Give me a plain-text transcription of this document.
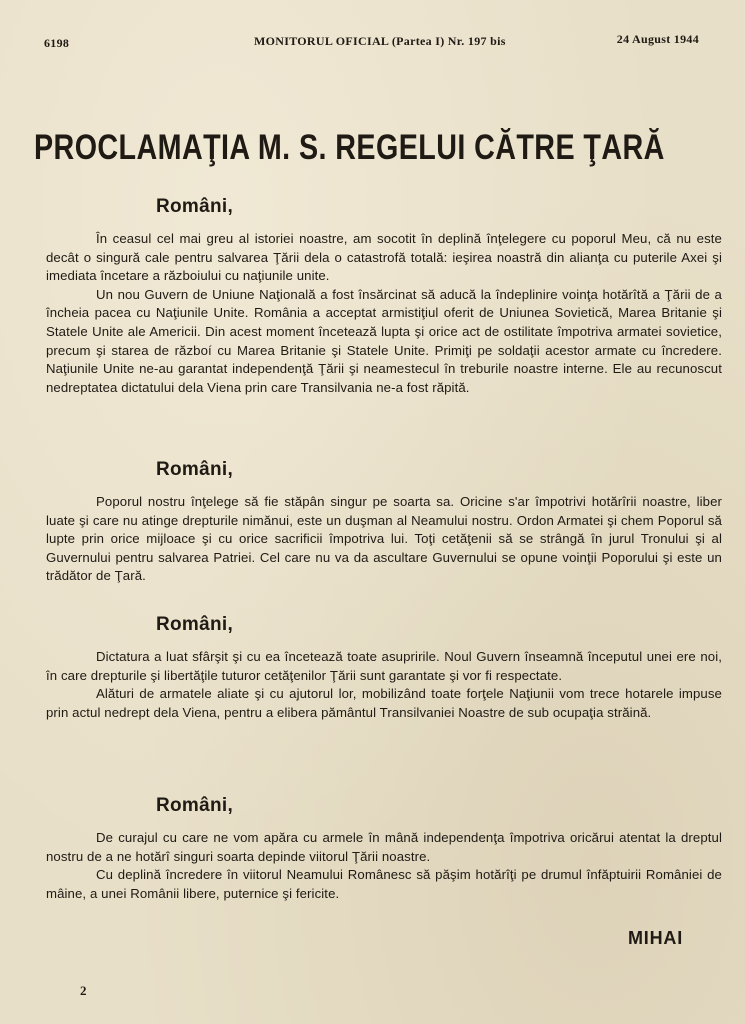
6198	MONITORUL OFICIAL (Partea I) Nr. 197 bis	24 August 1944
PROCLAMAŢIA M. S. REGELUI CĂTRE ŢARĂ
Români,

În ceasul cel mai greu al istoriei noastre, am socotit în deplină înţelegere cu poporul Meu, că nu este decât o singură cale pentru salvarea Ţării dela o catastrofă totală: ieşirea noastră din alianţa cu puterile Axei şi imediata încetare a războiului cu naţiunile unite.

Un nou Guvern de Uniune Naţională a fost însărcinat să aducă la îndeplinire voinţa hotărîtă a Ţării de a încheia pacea cu Naţiunile Unite. România a acceptat armistiţiul oferit de Uniunea Sovietică, Marea Britanie şi Statele Unite ale Americii. Din acest moment încetează lupta şi orice act de ostilitate împotriva armatei sovietice, precum şi starea de războí cu Marea Britanie şi Statele Unite. Primiţi pe soldaţii acestor armate cu încredere. Naţiunile Unite ne-au garantat independenţă Ţării şi neamestecul în treburile noastre interne. Ele au recunoscut nedreptatea dictatului dela Viena prin care Transilvania ne-a fost răpită.

Români,

Poporul nostru înţelege să fie stăpân singur pe soarta sa. Oricine s'ar împotrivi hotărîrii noastre, liber luate şi care nu atinge drepturile nimănui, este un duşman al Neamului nostru. Ordon Armatei şi chem Poporul să lupte prin orice mijloace şi cu orice sacrificii împotriva lui. Toţi cetăţenii să se strângă în jurul Tronului şi al Guvernului pentru salvarea Patriei. Cel care nu va da ascultare Guvernului se opune voinţii Poporului şi este un trădător de Ţară.

Români,

Dictatura a luat sfârşit şi cu ea încetează toate asupririle. Noul Guvern înseamnă începutul unei ere noi, în care drepturile şi libertăţile tuturor cetăţenilor Ţării sunt garantate şi vor fi respectate.

Alături de armatele aliate şi cu ajutorul lor, mobilizând toate forţele Naţiunii vom trece hotarele impuse prin actul nedrept dela Viena, pentru a elibera pământul Transilvaniei Noastre de sub ocupaţia străină.

Români,

De curajul cu care ne vom apăra cu armele în mână independenţa împotriva oricărui atentat la dreptul nostru de a ne hotărî singuri soarta depinde viitorul Ţării noastre.

Cu deplină încredere în viitorul Neamului Românesc să păşim hotărîţi pe drumul înfăptuirii României de mâine, a unei Românii libere, puternice şi fericite.

MIHAI
2
